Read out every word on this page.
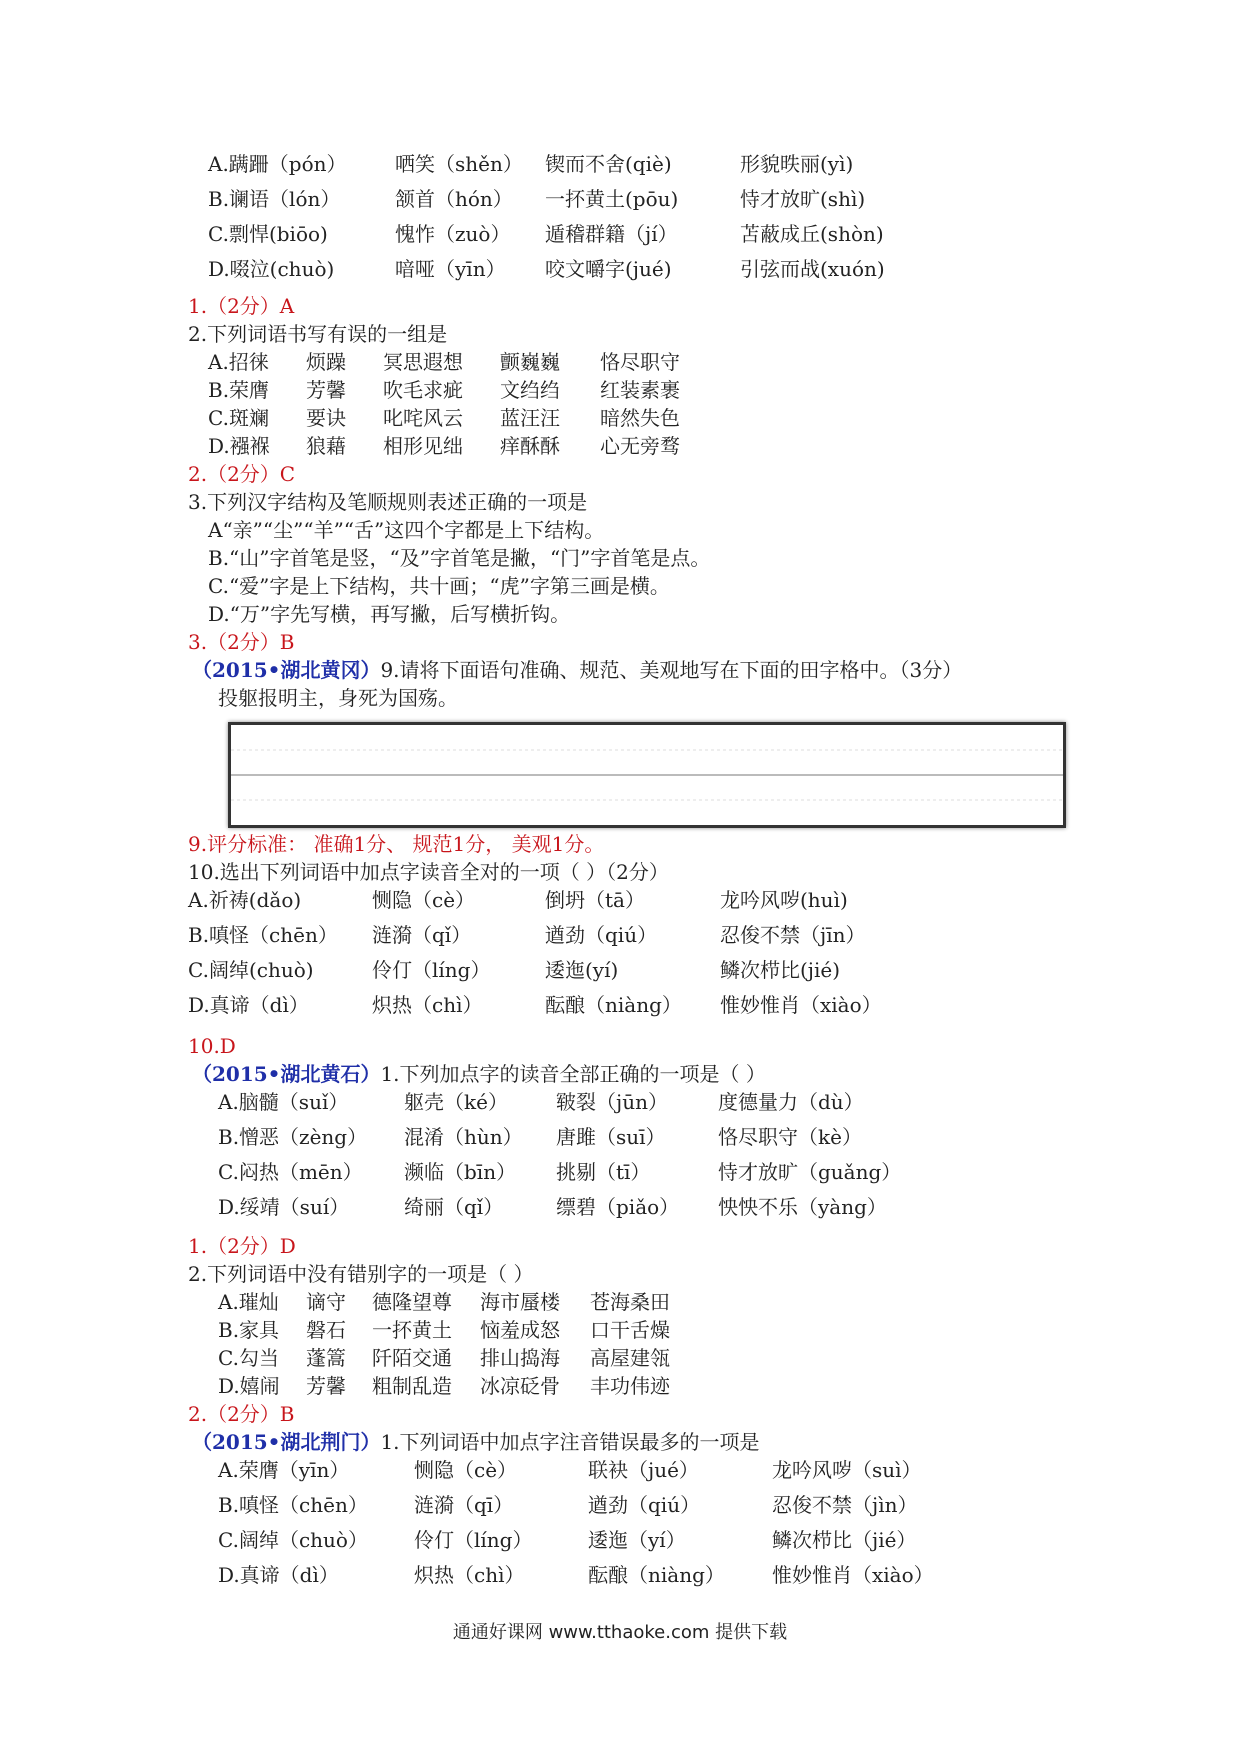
A.蹒跚（pón） 哂笑（shěn） 锲而不舍(qiè)	形貌昳丽(yì)
B.谰语（lón）	颔首（hón） 一抔黄土(pōu)	恃才放旷(shì)
C.剽悍(biōo)	愧怍（zuò） 遁稽群籍（jí）	苫蔽成丘(shòn)
D.啜泣(chuò)	喑哑（yīn） 咬文嚼字(jué)	引弦而战(xuón)
1.（2分）A
2.下列词语书写有误的一组是
A.招徕 烦躁 冥思遐想 颤巍巍 恪尽职守
B.荣膺 芳馨 吹毛求疵 文绉绉 红装素裹
C.斑斓 要诀 叱咤风云 蓝汪汪 暗然失色
D.襁褓 狼藉 相形见绌 痒酥酥 心无旁骛
2.（2分）C
3.下列汉字结构及笔顺规则表述正确的一项是
A“亲”“尘”“羊”“舌”这四个字都是上下结构。
B.“山”字首笔是竖，“及”字首笔是撇，“门”字首笔是点。
C.“爱”字是上下结构，共十画；“虎”字第三画是横。
D.“万”字先写横，再写撇，后写横折钩。
3.（2分）B
（2015•湖北黄冈）9.请将下面语句准确、规范、美观地写在下面的田字格中。（3分）
投躯报明主，身死为国殇。
9.评分标准： 准确1分、 规范1分， 美观1分。
10.选出下列词语中加点字读音全对的一项（ ）（2分）
A.祈祷(dǎo)	恻隐（cè）	倒坍（tā）	龙吟风哕(huì)
B.嗔怪（chēn） 涟漪（qǐ）	遒劲（qiú）	忍俊不禁（jīn）
C.阔绰(chuò)	伶仃（líng）	逶迤(yí)	鳞次栉比(jié)
D.真谛（dì）	炽热（chì）	酝酿（niàng） 惟妙惟肖（xiào）
10.D
（2015•湖北黄石）1.下列加点字的读音全部正确的一项是（ ）
A.脑髓（suǐ）	躯壳（ké） 皲裂（jūn）	度德量力（dù）
B.憎恶（zèng） 混淆（hùn） 唐雎（suī）	恪尽职守（kè）
C.闷热（mēn） 濒临（bīn） 挑剔（tī）	恃才放旷（guǎng）
D.绥靖（suí）	绮丽（qǐ）	缥碧（piǎo） 怏怏不乐（yàng）
1.（2分）D
2.下列词语中没有错别字的一项是（ ）
A.璀灿 谪守 德隆望尊 海市蜃楼 苍海桑田
B.家具 磐石 一抔黄土 恼羞成怒 口干舌燥
C.勾当 蓬篙 阡陌交通 排山捣海 高屋建瓴
D.嬉闹 芳馨 粗制乱造 冰凉砭骨 丰功伟迹
2.（2分）B
（2015•湖北荆门）1.下列词语中加点字注音错误最多的一项是
A.荣膺（yīn）	恻隐（cè）	联袂（jué）	龙吟风哕（suì）
B.嗔怪（chēn） 涟漪（qī）	遒劲（qiú）	忍俊不禁（jìn）
C.阔绰（chuò） 伶仃（líng）	逶迤（yí）	鳞次栉比（jié）
D.真谛（dì）	炽热（chì）	酝酿（niàng） 惟妙惟肖（xiào）
通通好课网 www.tthaoke.com 提供下载
